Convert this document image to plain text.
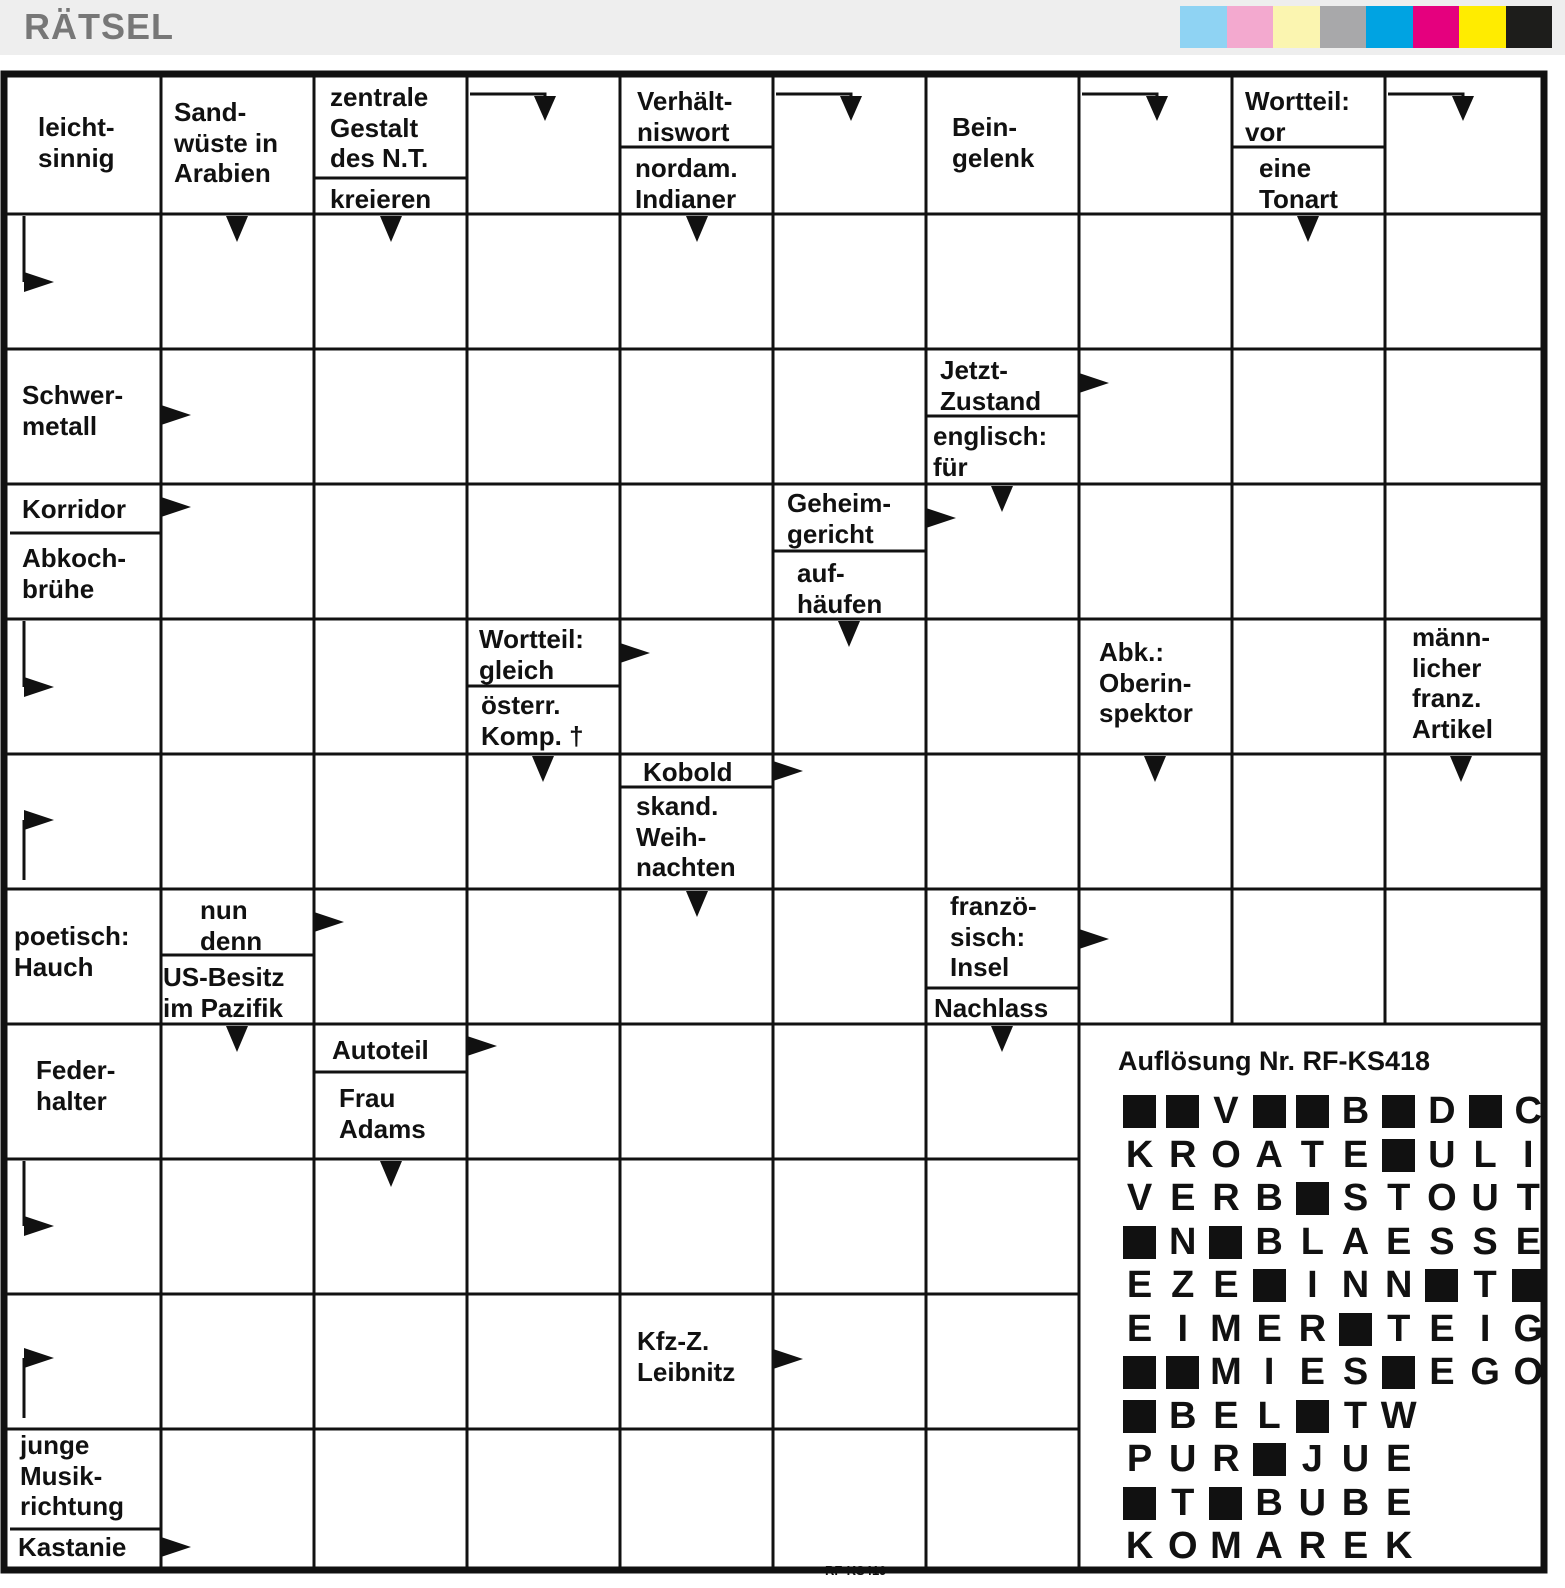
RÄTSEL
leicht-
sinnig
Sand-
wüste in
Arabien
zentrale
Gestalt
des N.T.
kreieren
Verhält-
niswort
nordam.
Indianer
Bein-
gelenk
Wortteil:
vor
eine
Tonart
Schwer-
metall
Jetzt-
Zustand
englisch:
für
Korridor
Abkoch-
brühe
Geheim-
gericht
auf-
häufen
Wortteil:
gleich
österr.
Komp. †
Abk.:
Oberin-
spektor
männ-
licher
franz.
Artikel
Kobold
skand.
Weih-
nachten
poetisch:
Hauch
nun
denn
US-Besitz
im Pazifik
franzö-
sisch:
Insel
Nachlass
Feder-
halter
Autoteil
Frau
Adams
Kfz-Z.
Leibnitz
junge
Musik-
richtung
Kastanie
Auflösung Nr. RF-KS418
V	B D C
K R O A T E U L I
V E R B S T O U T
N B L A E S S E
E Z E	I N N T
E I M E R T E I G
M I E S E G O
B E L T W
P U R J U E
T B U B E
K O M A R E K
RF-KS419
